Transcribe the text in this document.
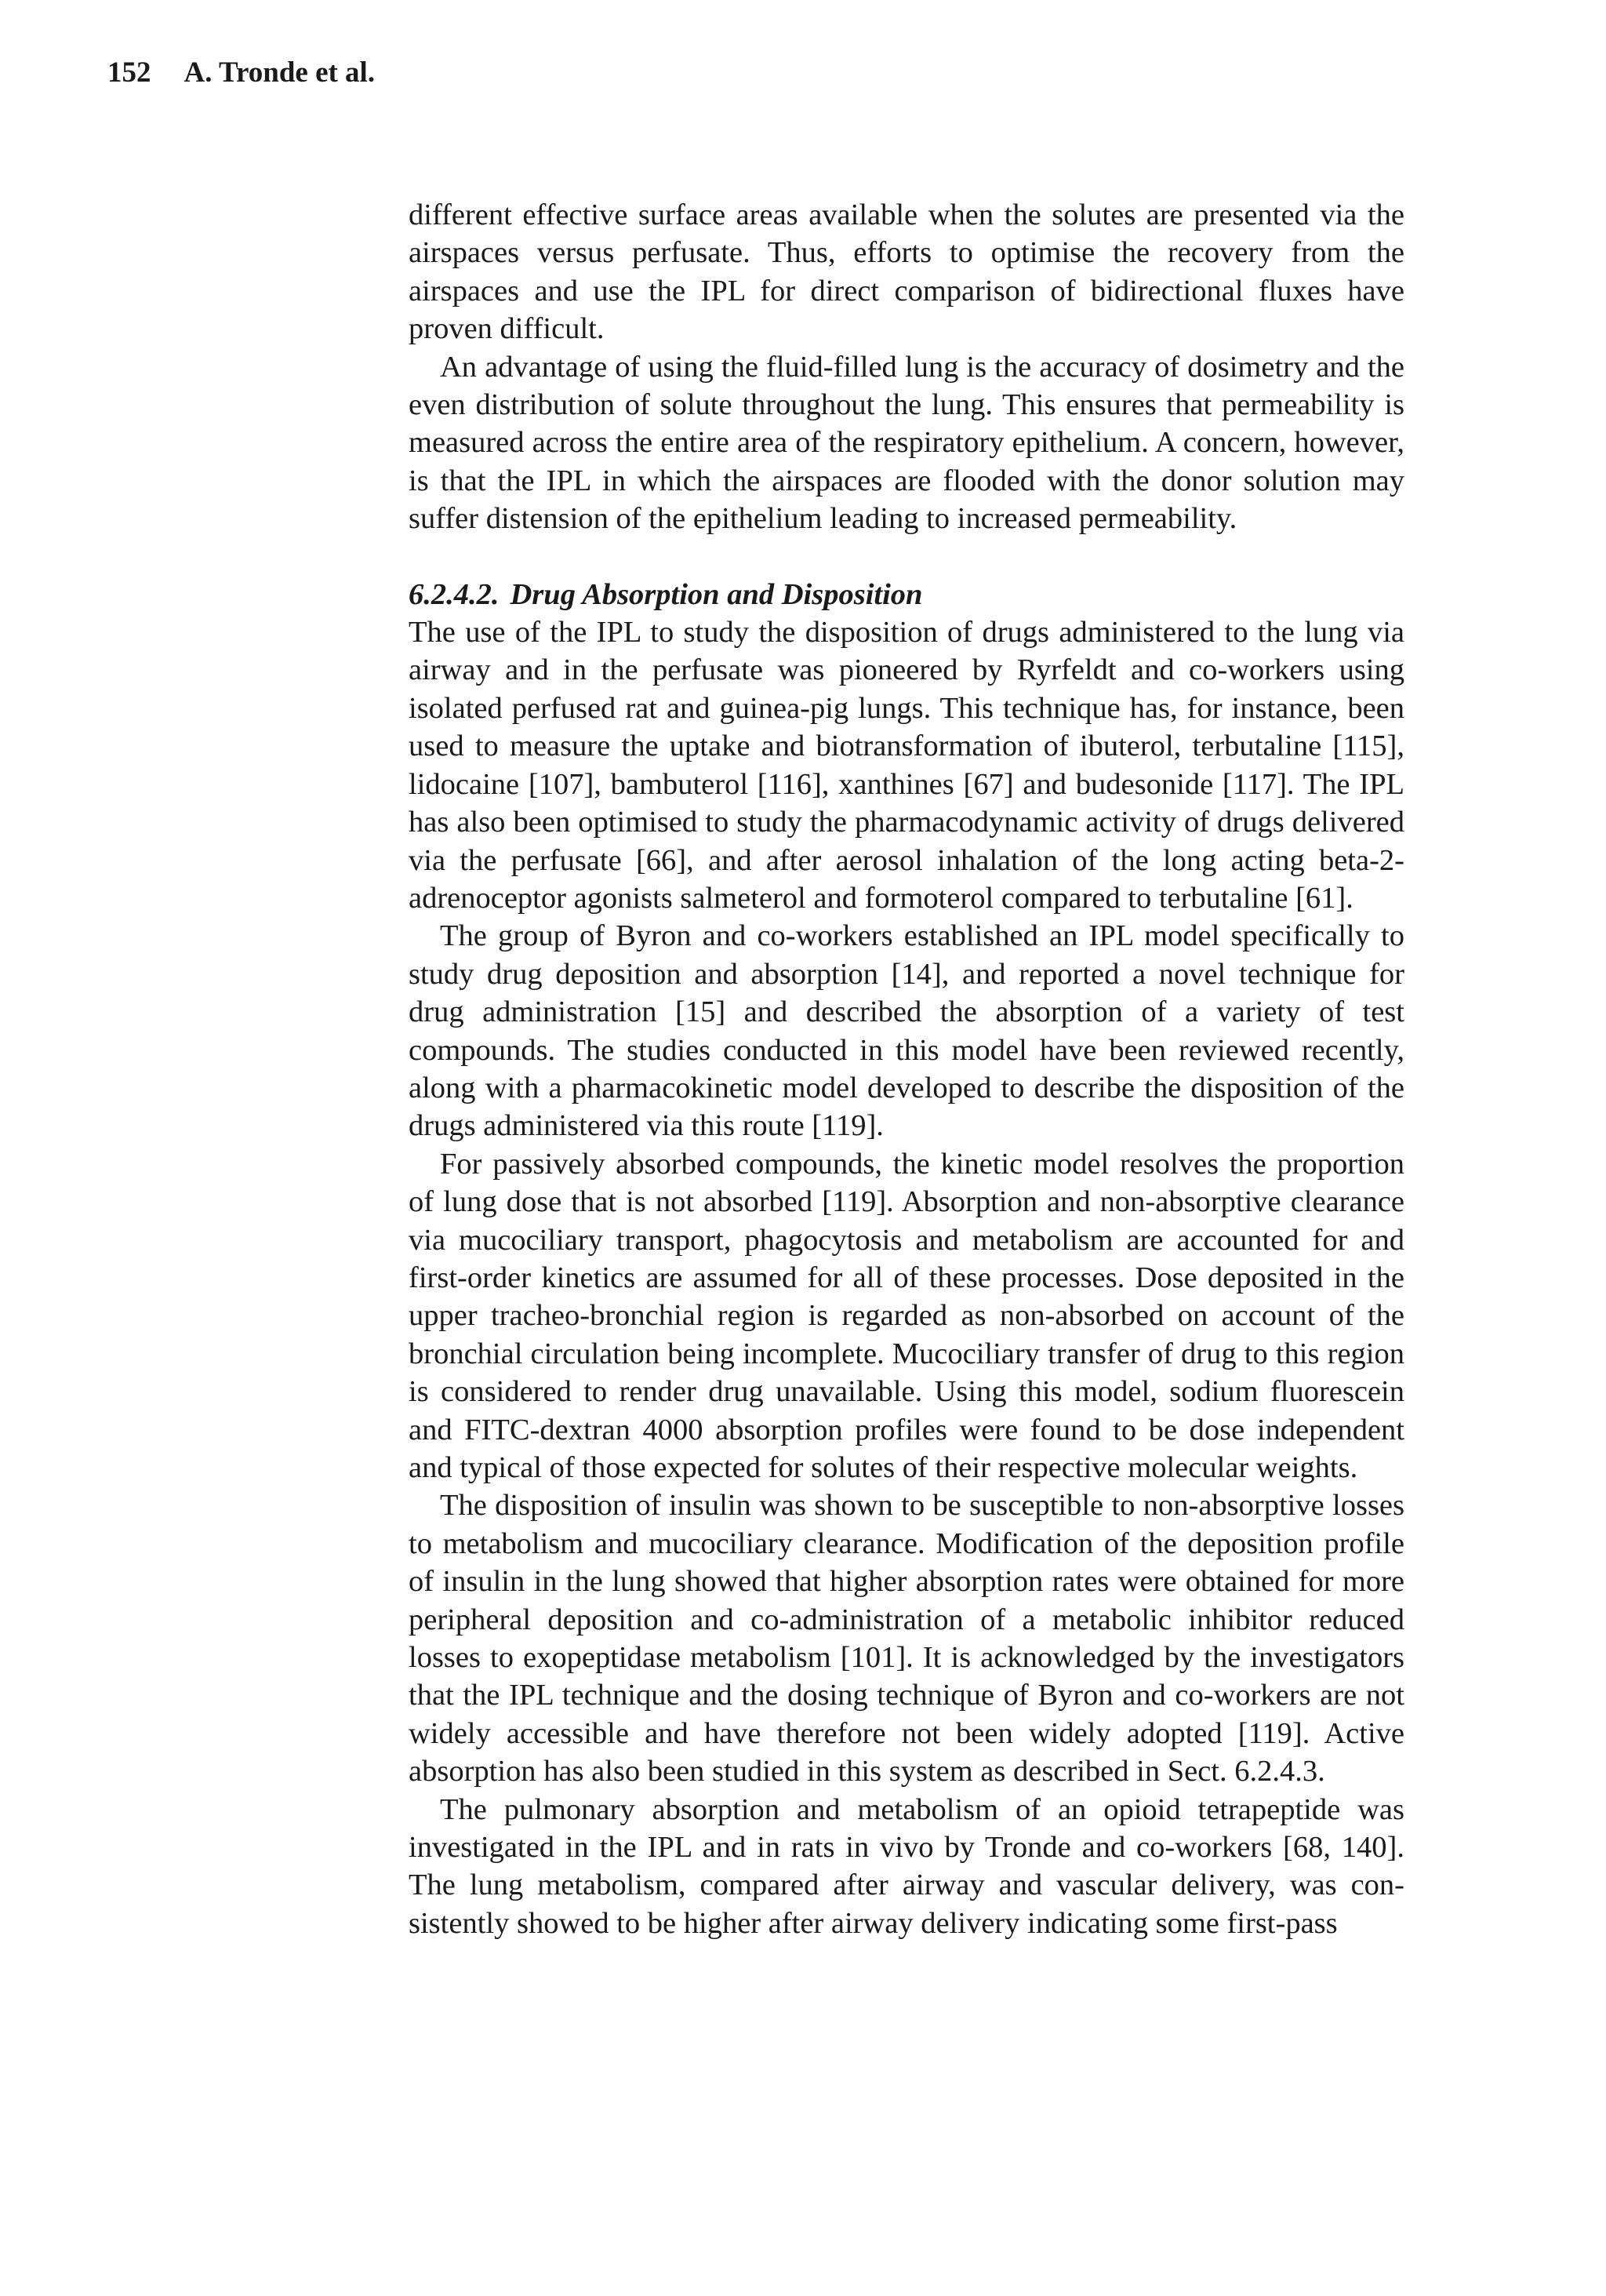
152 A. Tronde et al.

different effective surface areas available when the solutes are presented via the airspaces versus perfusate. Thus, efforts to optimise the recovery from the airspaces and use the IPL for direct comparison of bidirectional fluxes have proven difficult.

An advantage of using the fluid-filled lung is the accuracy of dosimetry and the even distribution of solute throughout the lung. This ensures that permeability is measured across the entire area of the respiratory epithelium. A concern, however, is that the IPL in which the airspaces are flooded with the donor solution may suffer distension of the epithelium leading to increased permeability.

6.2.4.2. Drug Absorption and Disposition

The use of the IPL to study the disposition of drugs administered to the lung via airway and in the perfusate was pioneered by Ryrfeldt and co-workers using isolated perfused rat and guinea-pig lungs. This technique has, for instance, been used to measure the uptake and biotransformation of ibuterol, terbutaline [115], lidocaine [107], bambuterol [116], xanthines [67] and budesonide [117]. The IPL has also been optimised to study the pharmacodynamic activity of drugs delivered via the perfusate [66], and after aerosol inhalation of the long acting beta-2-adrenoceptor agonists salmeterol and formoterol compared to terbutaline [61].

The group of Byron and co-workers established an IPL model specifically to study drug deposition and absorption [14], and reported a novel technique for drug administration [15] and described the absorption of a variety of test compounds. The studies conducted in this model have been reviewed recently, along with a pharmacokinetic model developed to describe the disposition of the drugs administered via this route [119].

For passively absorbed compounds, the kinetic model resolves the proportion of lung dose that is not absorbed [119]. Absorption and non-absorptive clearance via mucociliary transport, phagocytosis and metabolism are accounted for and first-order kinetics are assumed for all of these processes. Dose deposited in the upper tracheo-bronchial region is regarded as non-absorbed on account of the bronchial circulation being incomplete. Mucociliary transfer of drug to this region is considered to render drug unavailable. Using this model, sodium fluorescein and FITC-dextran 4000 absorption profiles were found to be dose independent and typical of those expected for solutes of their respective molecular weights.

The disposition of insulin was shown to be susceptible to non-absorptive losses to metabolism and mucociliary clearance. Modification of the deposition profile of insulin in the lung showed that higher absorption rates were obtained for more peripheral deposition and co-administration of a metabolic inhibitor reduced losses to exopeptidase metabolism [101]. It is acknowledged by the investigators that the IPL technique and the dosing technique of Byron and co-workers are not widely accessible and have therefore not been widely adopted [119]. Active absorption has also been studied in this system as described in Sect. 6.2.4.3.

The pulmonary absorption and metabolism of an opioid tetrapeptide was investigated in the IPL and in rats in vivo by Tronde and co-workers [68, 140]. The lung metabolism, compared after airway and vascular delivery, was consistently showed to be higher after airway delivery indicating some first-pass
